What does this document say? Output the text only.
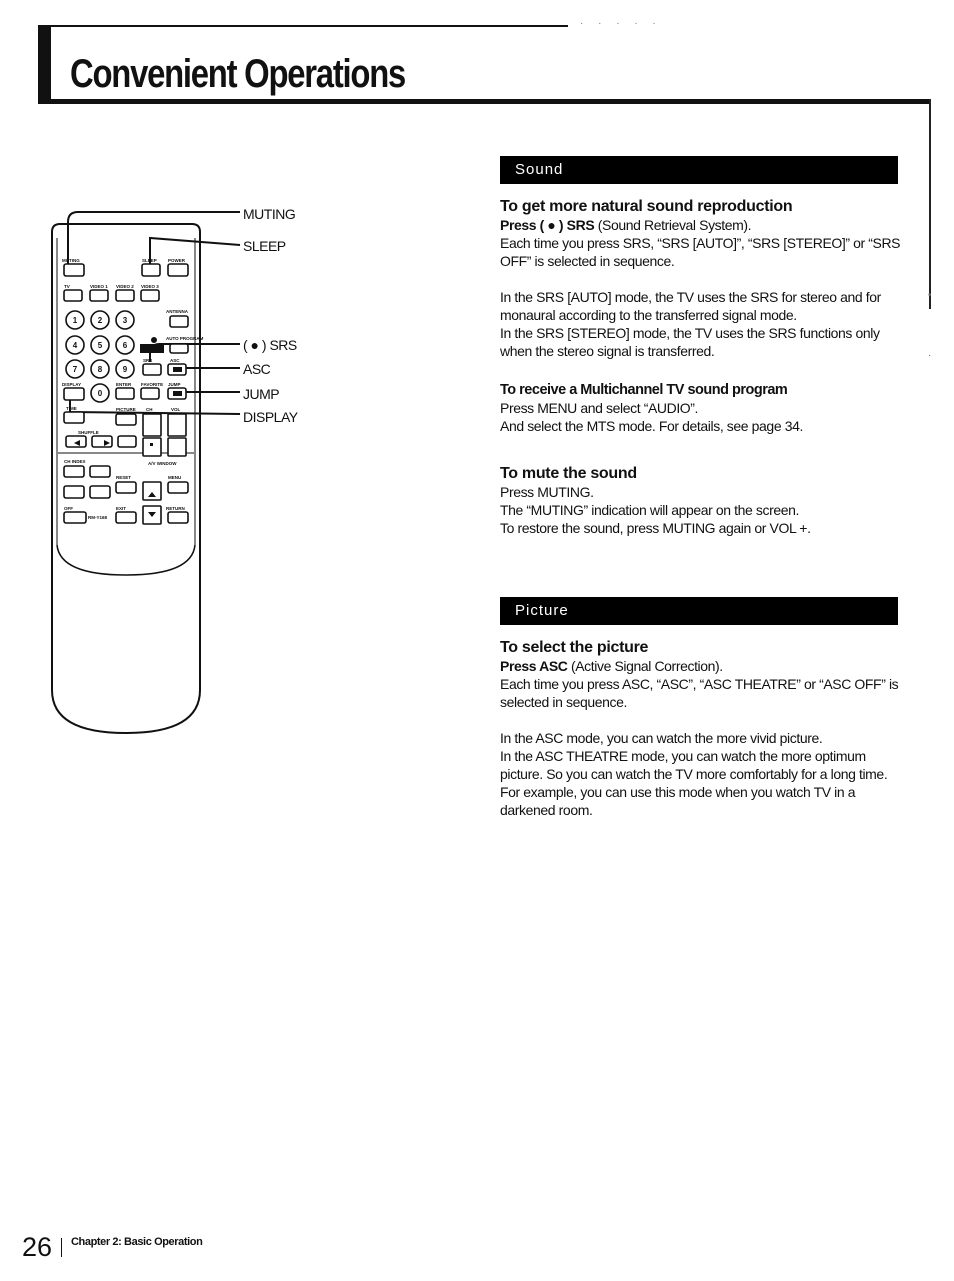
· · · · ·
Convenient Operations
•
·
MUTING	SLEEP POWER
TV	VIDEO 1 VIDEO 2 VIDEO 3
ANTENNA
AUTO PROGRAM
SRS	ASC
DISPLAY	ENTER FAVORITE JUMP
TIME	PICTURE CH	VOL
SHUFFLE
CH INDEX	A/V WINDOW
RESET	MENU
OFF	EXIT	RETURN
RM-Y168
1	2	3
4	5	6
7	8	9
0
MUTING
SLEEP
( ● ) SRS
ASC
JUMP
DISPLAY
Sound

To get more natural sound reproduction

Press ( ● ) SRS (Sound Retrieval System).

Each time you press SRS, “SRS [AUTO]”, “SRS [STEREO]” or “SRS OFF” is selected in sequence.

In the SRS [AUTO] mode, the TV uses the SRS for stereo and for monaural according to the transferred signal mode.

In the SRS [STEREO] mode, the TV uses the SRS functions only when the stereo signal is transferred.

To receive a Multichannel TV sound program

Press MENU and select “AUDIO”.

And select the MTS mode. For details, see page 34.

To mute the sound

Press MUTING.

The “MUTING” indication will appear on the screen.

To restore the sound, press MUTING again or VOL +.

Picture

To select the picture

Press ASC (Active Signal Correction).

Each time you press ASC, “ASC”, “ASC THEATRE” or “ASC OFF” is selected in sequence.

In the ASC mode, you can watch the more vivid picture.

In the ASC THEATRE mode, you can watch the more optimum picture. So you can watch the TV more comfortably for a long time. For example, you can use this mode when you watch TV in a darkened room.

26 Chapter 2: Basic Operation
